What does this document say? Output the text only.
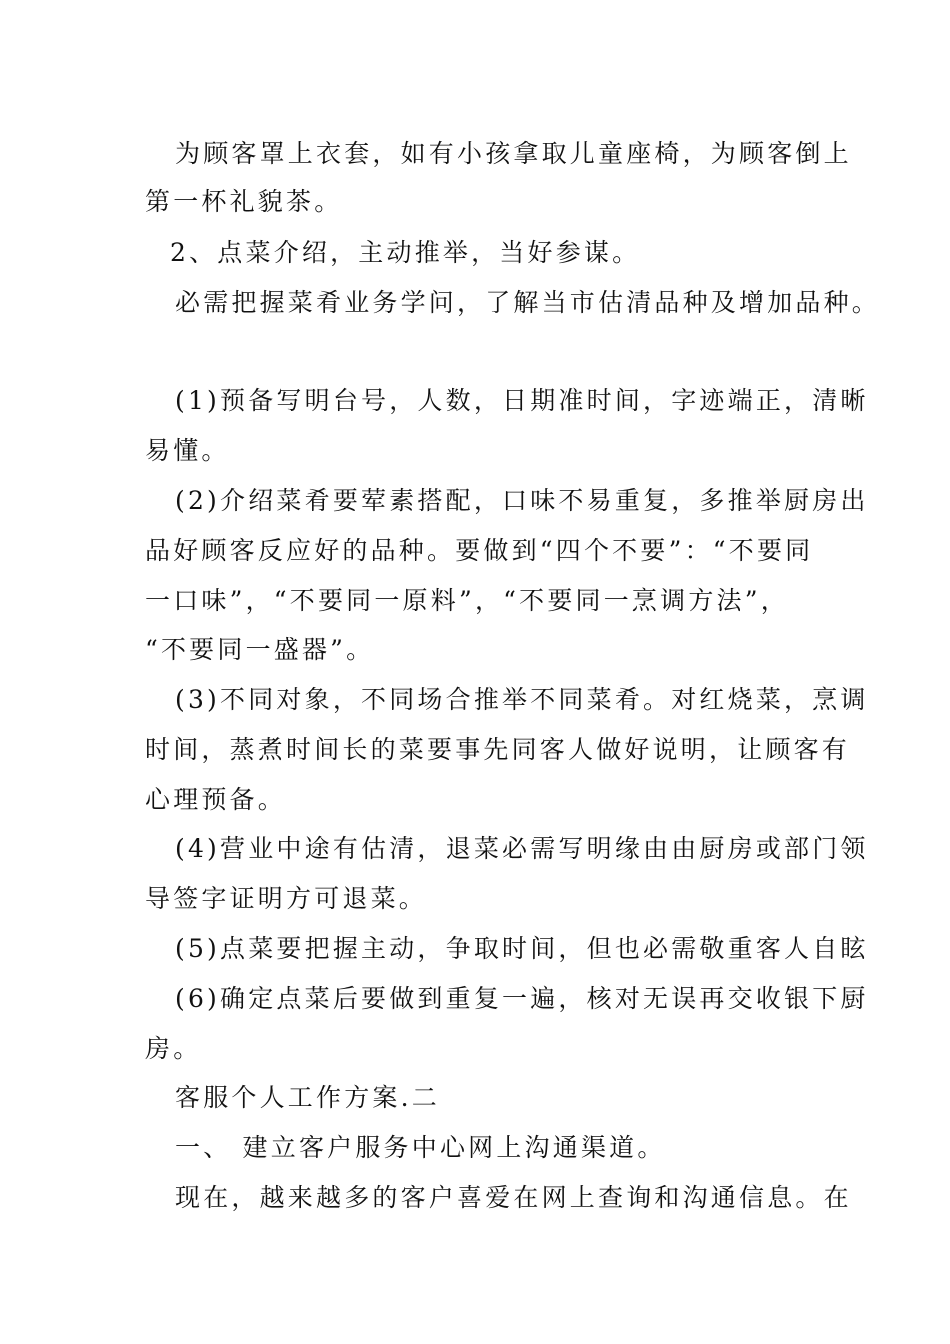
为顾客罩上衣套，如有小孩拿取儿童座椅，为顾客倒上
第一杯礼貌茶。
2、点菜介绍，主动推举，当好参谋。
必需把握菜肴业务学问，了解当市估清品种及增加品种。
(1)预备写明台号，人数，日期准时间，字迹端正，清晰
易懂。
(2)介绍菜肴要荤素搭配，口味不易重复，多推举厨房出
品好顾客反应好的品种。要做到“四个不要”：“不要同
一口味”，“不要同一原料”，“不要同一烹调方法”，
“不要同一盛器”。
(3)不同对象，不同场合推举不同菜肴。对红烧菜，烹调
时间，蒸煮时间长的菜要事先同客人做好说明，让顾客有
心理预备。
(4)营业中途有估清，退菜必需写明缘由由厨房或部门领
导签字证明方可退菜。
(5)点菜要把握主动，争取时间，但也必需敬重客人自眩
(6)确定点菜后要做到重复一遍，核对无误再交收银下厨
房。
客服个人工作方案.二
一、 建立客户服务中心网上沟通渠道。
现在，越来越多的客户喜爱在网上查询和沟通信息。在
